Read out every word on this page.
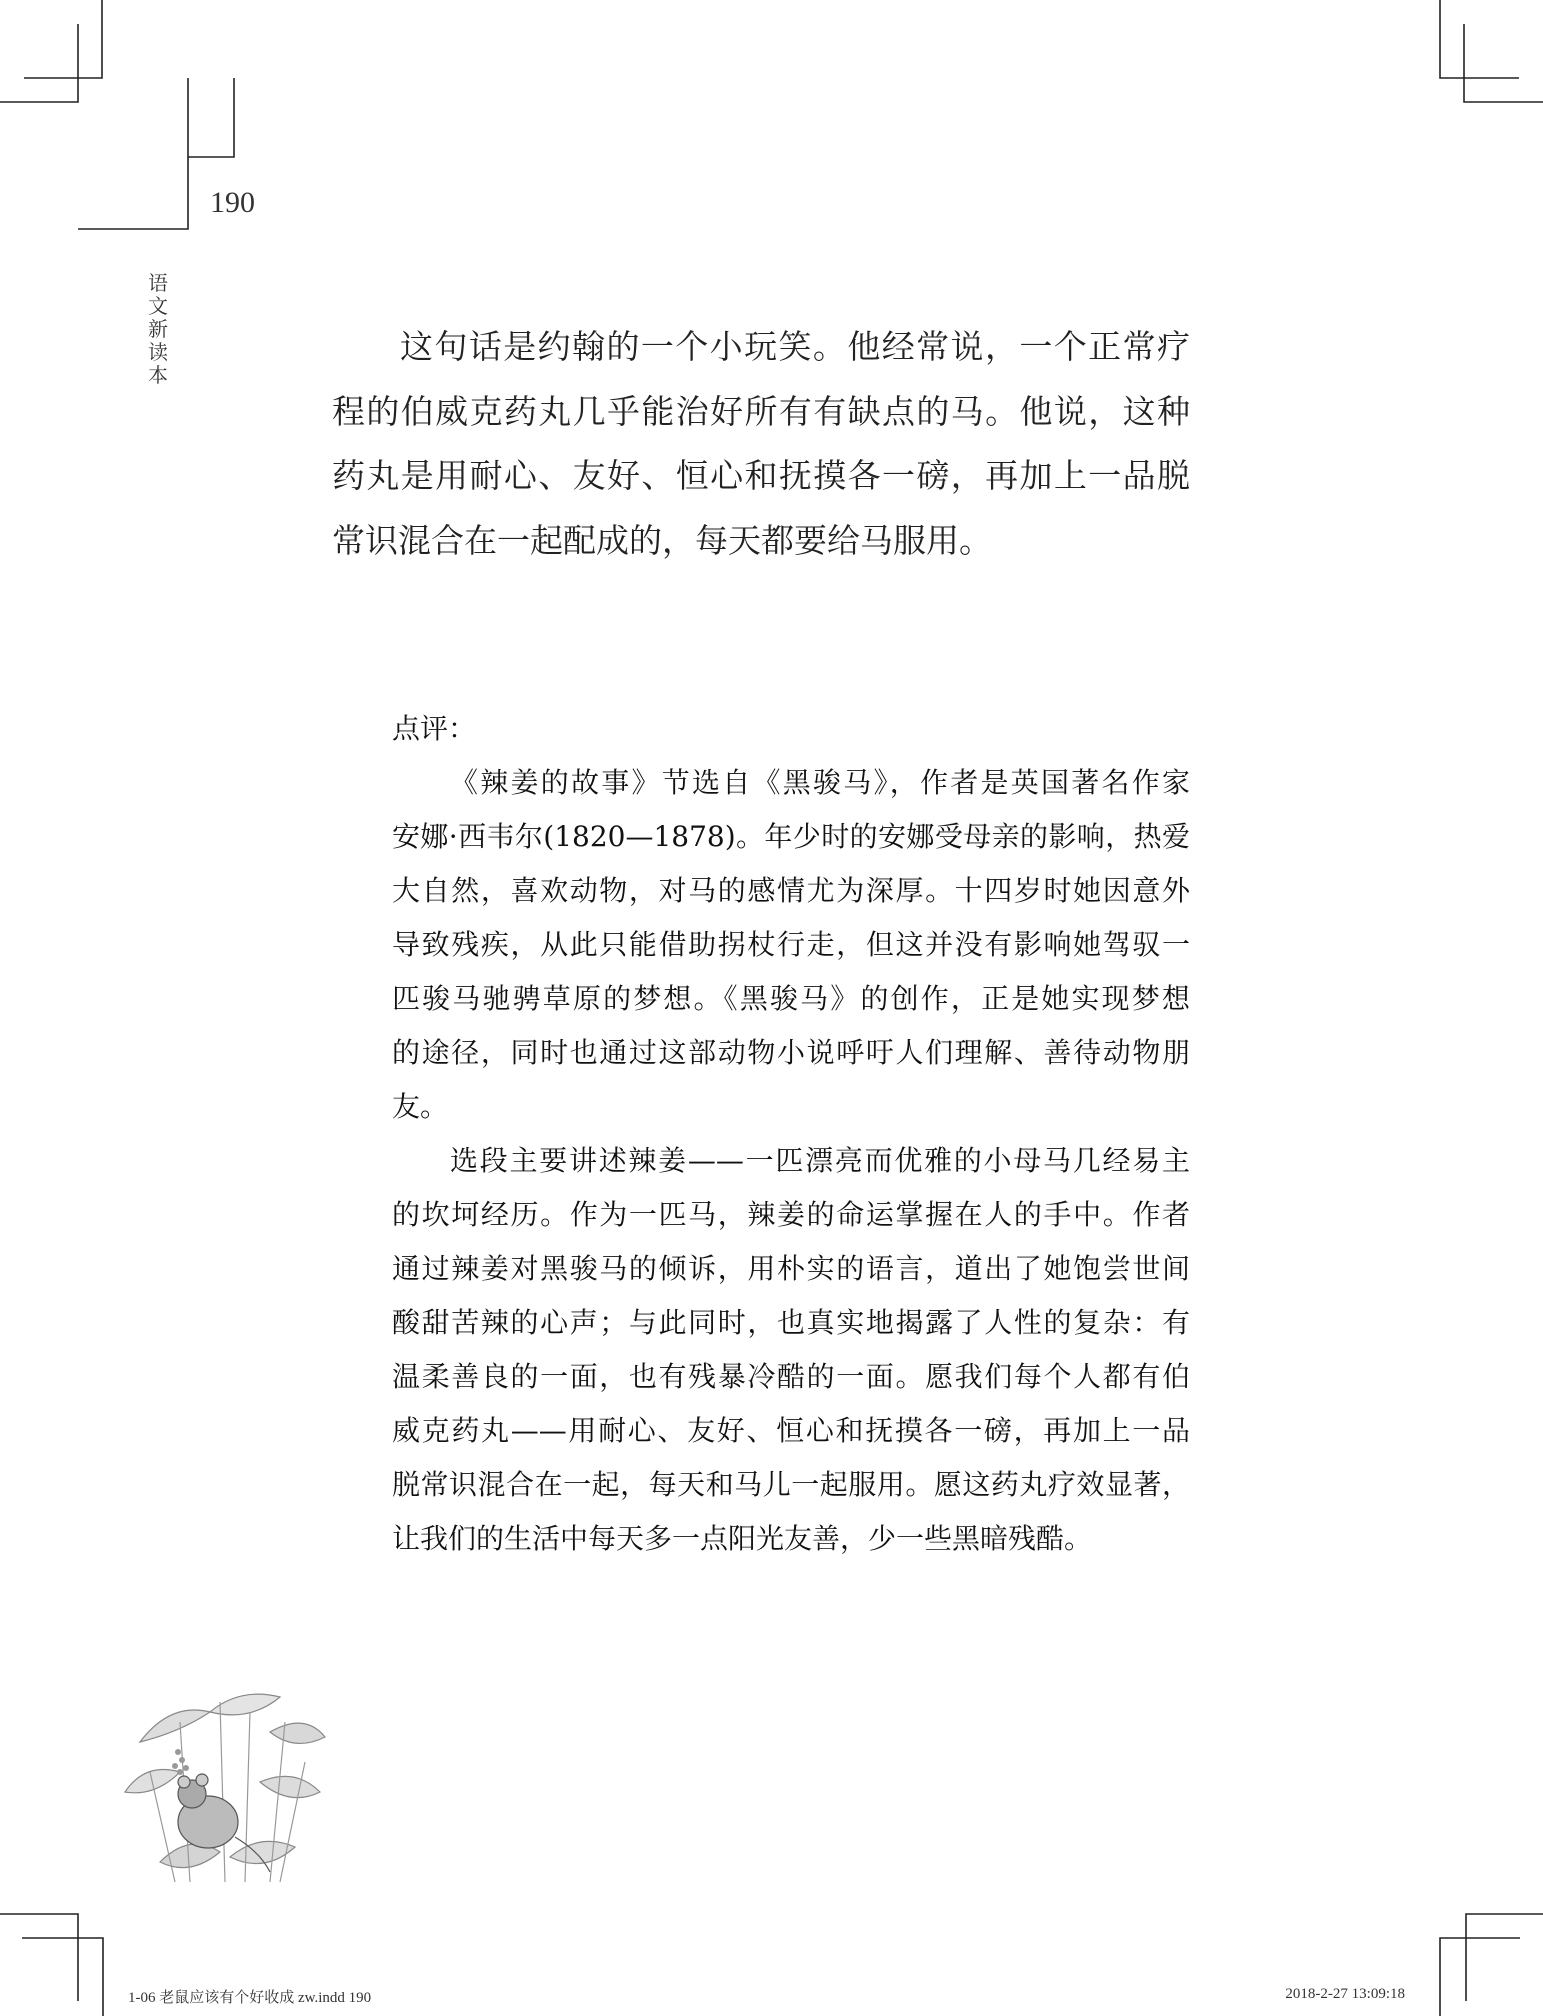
190
语
文
新
读
本
这句话是约翰的一个小玩笑。他经常说，一个正常疗
程的伯威克药丸几乎能治好所有有缺点的马。他说，这种
药丸是用耐心、友好、恒心和抚摸各一磅，再加上一品脱
常识混合在一起配成的，每天都要给马服用。
点评：
《辣姜的故事》节选自《黑骏马》，作者是英国著名作家
安娜·西韦尔(1820—1878)。年少时的安娜受母亲的影响，热爱
大自然，喜欢动物，对马的感情尤为深厚。十四岁时她因意外
导致残疾，从此只能借助拐杖行走，但这并没有影响她驾驭一
匹骏马驰骋草原的梦想。《黑骏马》的创作，正是她实现梦想
的途径，同时也通过这部动物小说呼吁人们理解、善待动物朋
友。
选段主要讲述辣姜——一匹漂亮而优雅的小母马几经易主
的坎坷经历。作为一匹马，辣姜的命运掌握在人的手中。作者
通过辣姜对黑骏马的倾诉，用朴实的语言，道出了她饱尝世间
酸甜苦辣的心声；与此同时，也真实地揭露了人性的复杂：有
温柔善良的一面，也有残暴冷酷的一面。愿我们每个人都有伯
威克药丸——用耐心、友好、恒心和抚摸各一磅，再加上一品
脱常识混合在一起，每天和马儿一起服用。愿这药丸疗效显著，
让我们的生活中每天多一点阳光友善，少一些黑暗残酷。
1-06 老鼠应该有个好收成 zw.indd 190	2018-2-27 13:09:18
